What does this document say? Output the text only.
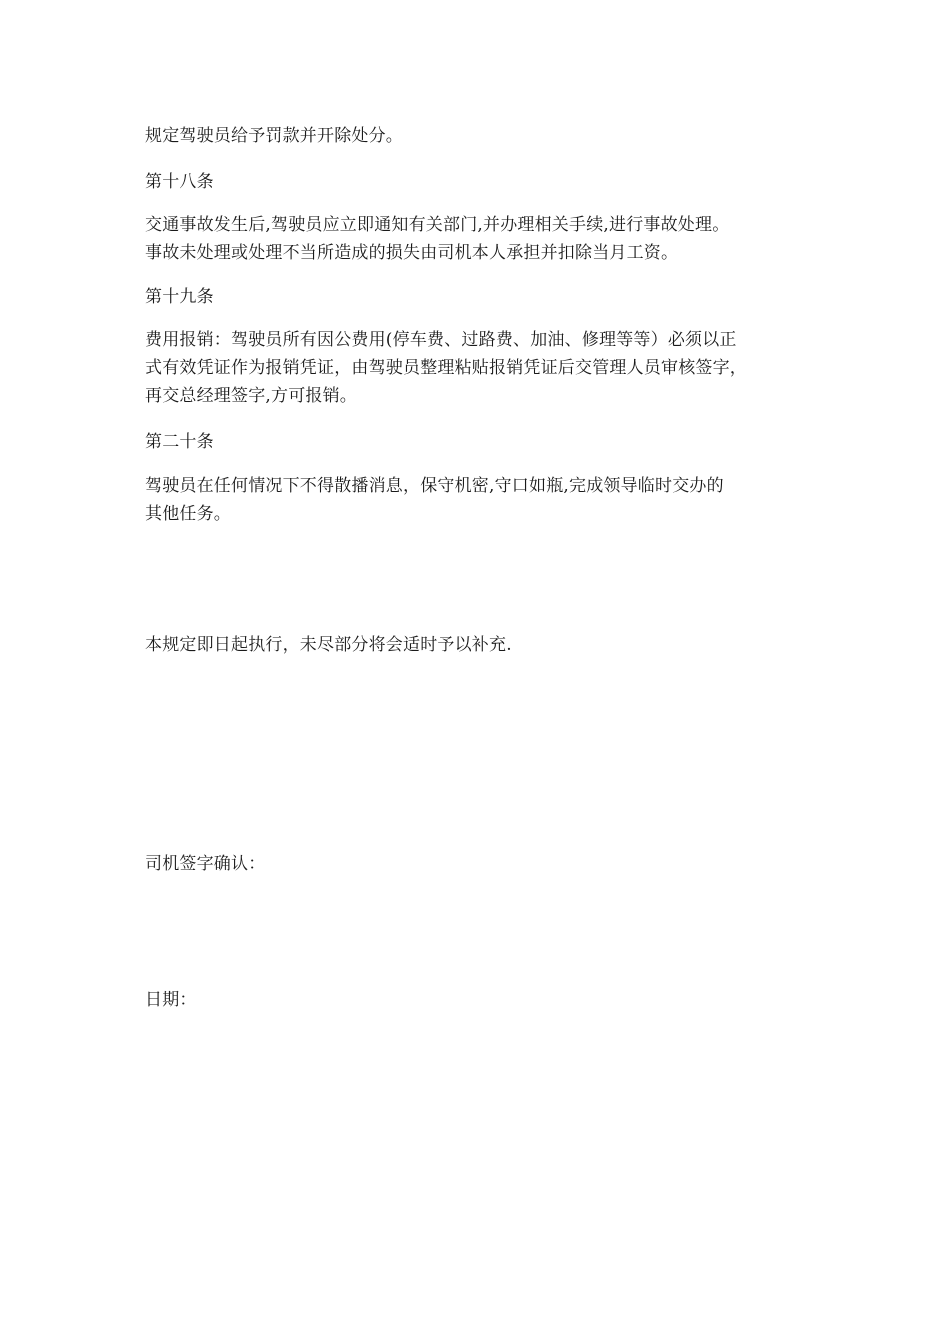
规定驾驶员给予罚款并开除处分。
第十八条
交通事故发生后,驾驶员应立即通知有关部门,并办理相关手续,进行事故处理。
事故未处理或处理不当所造成的损失由司机本人承担并扣除当月工资。
第十九条
费用报销：驾驶员所有因公费用(停车费、过路费、加油、修理等等）必须以正
式有效凭证作为报销凭证，由驾驶员整理粘贴报销凭证后交管理人员审核签字，
再交总经理签字,方可报销。
第二十条
驾驶员在任何情况下不得散播消息，保守机密,守口如瓶,完成领导临时交办的
其他任务。
本规定即日起执行，未尽部分将会适时予以补充.
司机签字确认：
日期：
